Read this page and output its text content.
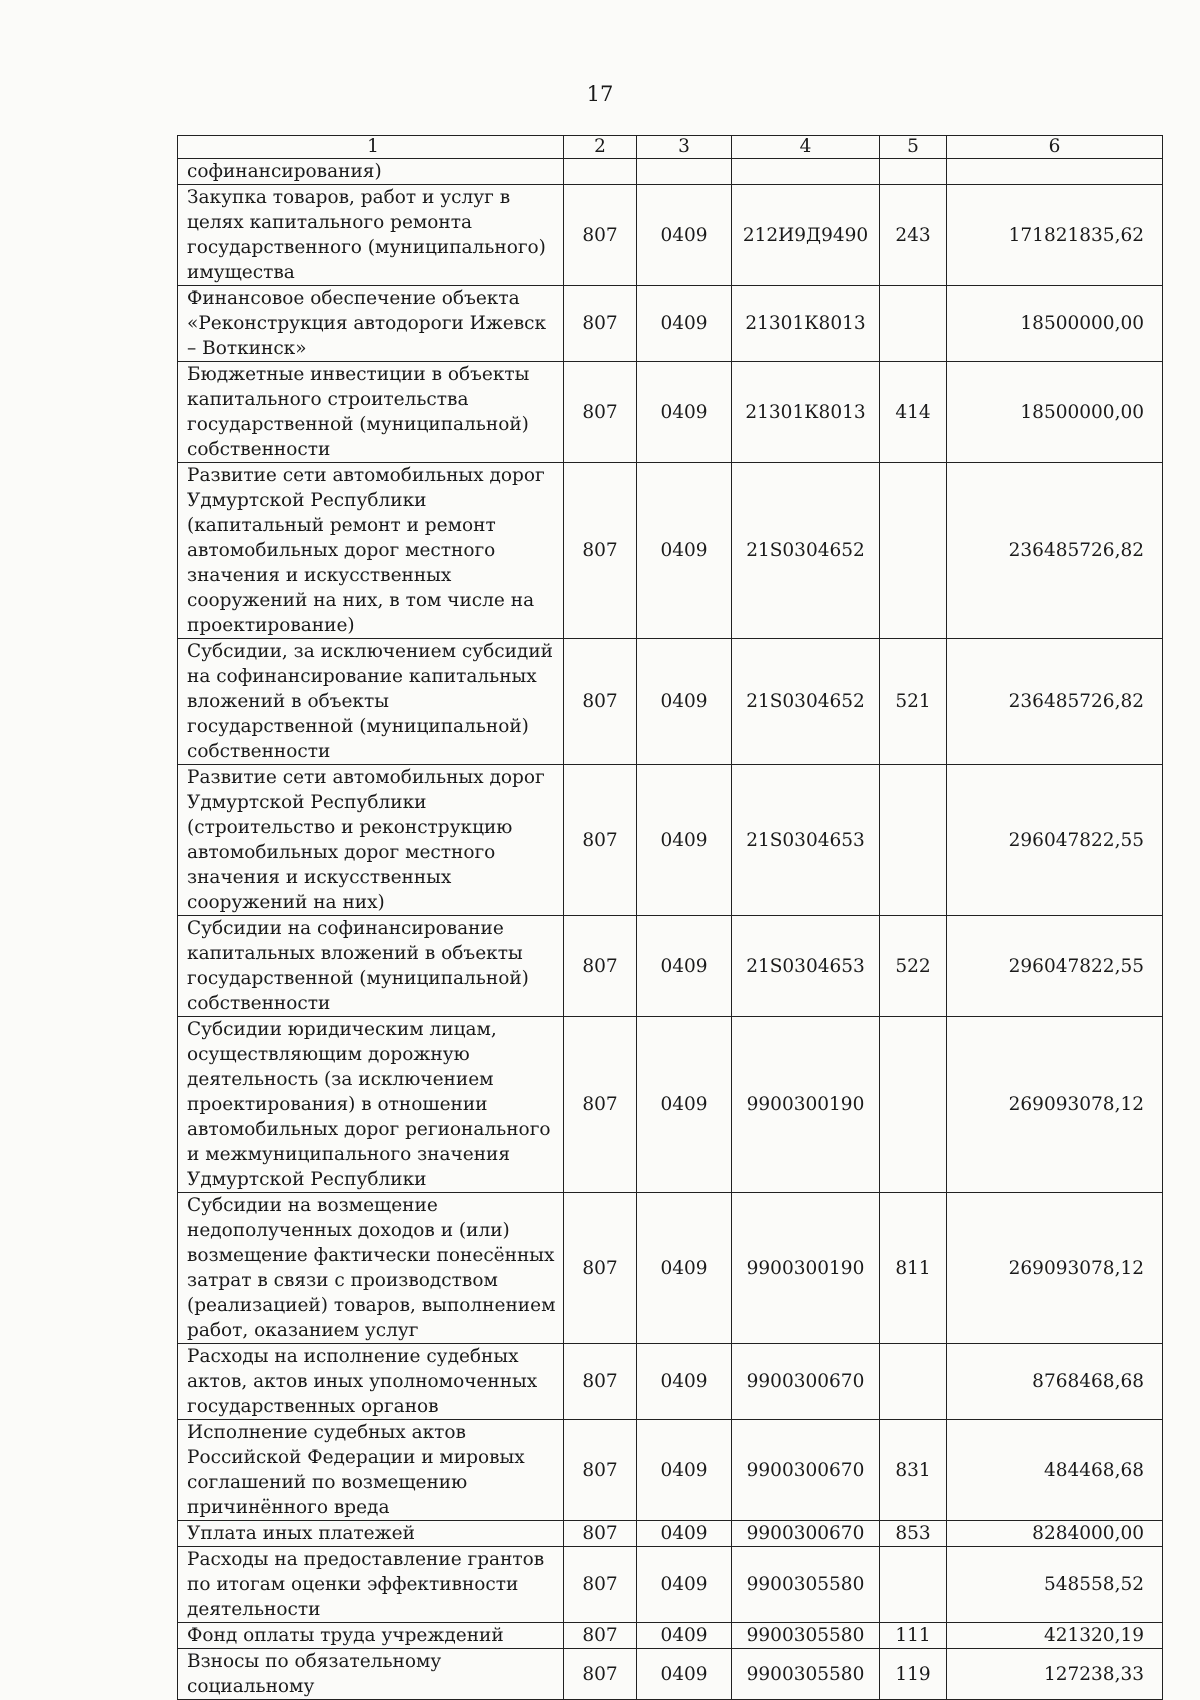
17
1	2	3	4	5	6
софинансирования)					
Закупка товаров, работ и услуг в целях капитального ремонта государственного (муниципального) имущества	807	0409	212И9Д9490	243	171821835,62
Финансовое обеспечение объекта «Реконструкция автодороги Ижевск – Воткинск»	807	0409	21301К8013		18500000,00
Бюджетные инвестиции в объекты капитального строительства государственной (муниципальной) собственности	807	0409	21301К8013	414	18500000,00
Развитие сети автомобильных дорог Удмуртской Республики (капитальный ремонт и ремонт автомобильных дорог местного значения и искусственных сооружений на них, в том числе на проектирование)	807	0409	21S0304652		236485726,82
Субсидии, за исключением субсидий на софинансирование капитальных вложений в объекты государственной (муниципальной) собственности	807	0409	21S0304652	521	236485726,82
Развитие сети автомобильных дорог Удмуртской Республики (строительство и реконструкцию автомобильных дорог местного значения и искусственных сооружений на них)	807	0409	21S0304653		296047822,55
Субсидии на софинансирование капитальных вложений в объекты государственной (муниципальной) собственности	807	0409	21S0304653	522	296047822,55
Субсидии юридическим лицам, осуществляющим дорожную деятельность (за исключением проектирования) в отношении автомобильных дорог регионального и межмуниципального значения Удмуртской Республики	807	0409	9900300190		269093078,12
Субсидии на возмещение недополученных доходов и (или) возмещение фактически понесённых затрат в связи с производством (реализацией) товаров, выполнением работ, оказанием услуг	807	0409	9900300190	811	269093078,12
Расходы на исполнение судебных актов, актов иных уполномоченных государственных органов	807	0409	9900300670		8768468,68
Исполнение судебных актов Российской Федерации и мировых соглашений по возмещению причинённого вреда	807	0409	9900300670	831	484468,68
Уплата иных платежей	807	0409	9900300670	853	8284000,00
Расходы на предоставление грантов по итогам оценки эффективности деятельности	807	0409	9900305580		548558,52
Фонд оплаты труда учреждений	807	0409	9900305580	111	421320,19
Взносы по обязательному социальному	807	0409	9900305580	119	127238,33
